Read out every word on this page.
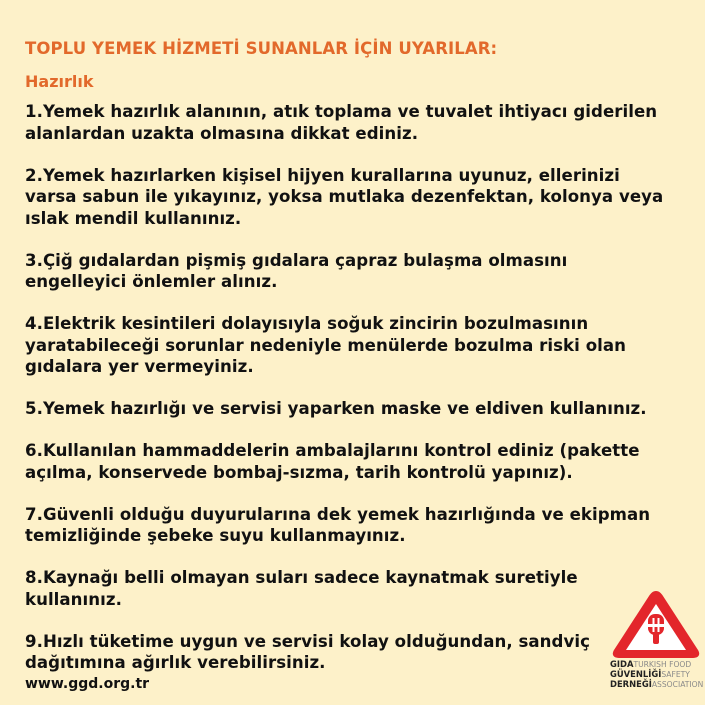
TOPLU YEMEK HİZMETİ SUNANLAR İÇİN UYARILAR:
Hazırlık
1.Yemek hazırlık alanının, atık toplama ve tuvalet ihtiyacı giderilen
alanlardan uzakta olmasına dikkat ediniz.
2.Yemek hazırlarken kişisel hijyen kurallarına uyunuz, ellerinizi
varsa sabun ile yıkayınız, yoksa mutlaka dezenfektan, kolonya veya
ıslak mendil kullanınız.
3.Çiğ gıdalardan pişmiş gıdalara çapraz bulaşma olmasını
engelleyici önlemler alınız.
4.Elektrik kesintileri dolayısıyla soğuk zincirin bozulmasının
yaratabileceği sorunlar nedeniyle menülerde bozulma riski olan
gıdalara yer vermeyiniz.
5.Yemek hazırlığı ve servisi yaparken maske ve eldiven kullanınız.
6.Kullanılan hammaddelerin ambalajlarını kontrol ediniz (pakette
açılma, konservede bombaj-sızma, tarih kontrolü yapınız).
7.Güvenli olduğu duyurularına dek yemek hazırlığında ve ekipman
temizliğinde şebeke suyu kullanmayınız.
8.Kaynağı belli olmayan suları sadece kaynatmak suretiyle
kullanınız.
9.Hızlı tüketime uygun ve servisi kolay olduğundan, sandviç
dağıtımına ağırlık verebilirsiniz.
www.ggd.org.tr
GIDATURKISH FOOD
GÜVENLİĞİSAFETY
DERNEĞİASSOCIATION
